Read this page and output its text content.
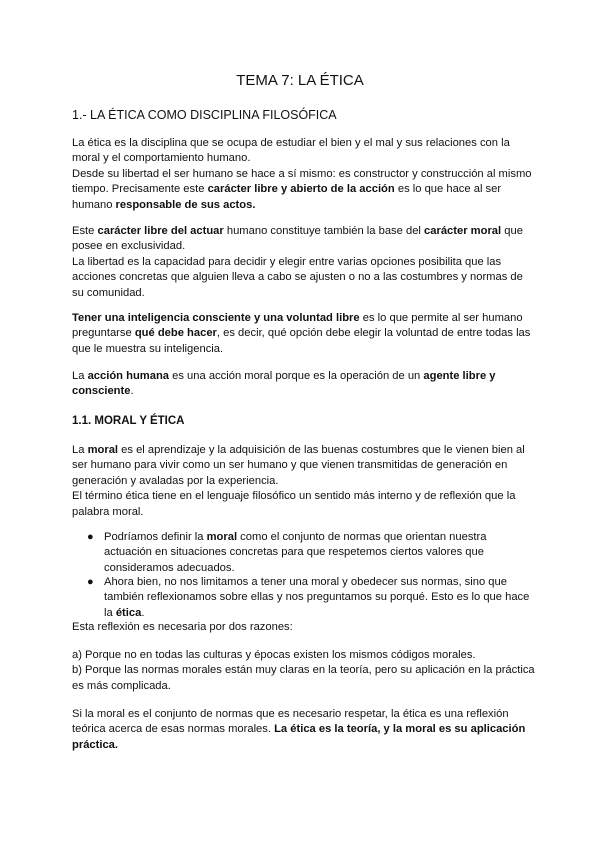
TEMA 7: LA ÉTICA
1.- LA ÉTICA COMO DISCIPLINA FILOSÓFICA

La ética es la disciplina que se ocupa de estudiar el bien y el mal y sus relaciones con la moral y el comportamiento humano.
Desde su libertad el ser humano se hace a sí mismo: es constructor y construcción al mismo tiempo. Precisamente este carácter libre y abierto de la acción es lo que hace al ser humano responsable de sus actos.

Este carácter libre del actuar humano constituye también la base del carácter moral que posee en exclusividad.
La libertad es la capacidad para decidir y elegir entre varias opciones posibilita que las acciones concretas que alguien lleva a cabo se ajusten o no a las costumbres y normas de su comunidad.

Tener una inteligencia consciente y una voluntad libre es lo que permite al ser humano preguntarse qué debe hacer, es decir, qué opción debe elegir la voluntad de entre todas las que le muestra su inteligencia.

La acción humana es una acción moral porque es la operación de un agente libre y consciente.

1.1. MORAL Y ÉTICA

La moral es el aprendizaje y la adquisición de las buenas costumbres que le vienen bien al ser humano para vivir como un ser humano y que vienen transmitidas de generación en generación y avaladas por la experiencia.
El término ética tiene en el lenguaje filosófico un sentido más interno y de reflexión que la palabra moral.

● Podríamos definir la moral como el conjunto de normas que orientan nuestra actuación en situaciones concretas para que respetemos ciertos valores que consideramos adecuados.

● Ahora bien, no nos limitamos a tener una moral y obedecer sus normas, sino que también reflexionamos sobre ellas y nos preguntamos su porqué. Esto es lo que hace la ética.

Esta reflexión es necesaria por dos razones:

a) Porque no en todas las culturas y épocas existen los mismos códigos morales.
b) Porque las normas morales están muy claras en la teoría, pero su aplicación en la práctica es más complicada.

Si la moral es el conjunto de normas que es necesario respetar, la ética es una reflexión teórica acerca de esas normas morales. La ética es la teoría, y la moral es su aplicación práctica.
